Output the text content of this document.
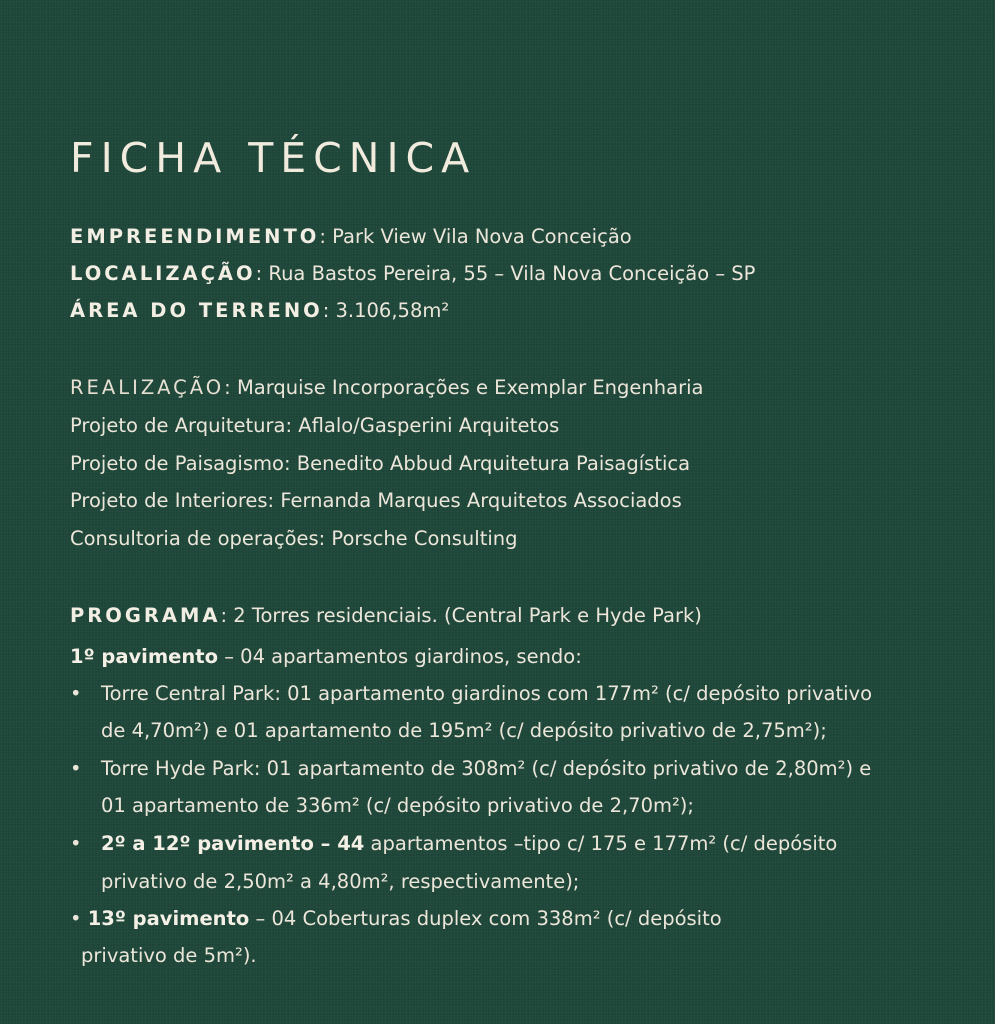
FICHA TÉCNICA
EMPREENDIMENTO: Park View Vila Nova Conceição
LOCALIZAÇÃO: Rua Bastos Pereira, 55 – Vila Nova Conceição – SP
ÁREA DO TERRENO: 3.106,58m²
REALIZAÇÃO: Marquise Incorporações e Exemplar Engenharia
Projeto de Arquitetura: Aflalo/Gasperini Arquitetos
Projeto de Paisagismo: Benedito Abbud Arquitetura Paisagística
Projeto de Interiores: Fernanda Marques Arquitetos Associados
Consultoria de operações: Porsche Consulting
PROGRAMA: 2 Torres residenciais. (Central Park e Hyde Park)
1º pavimento – 04 apartamentos giardinos, sendo:
• Torre Central Park: 01 apartamento giardinos com 177m² (c/ depósito privativo
de 4,70m²) e 01 apartamento de 195m² (c/ depósito privativo de 2,75m²);
• Torre Hyde Park: 01 apartamento de 308m² (c/ depósito privativo de 2,80m²) e
01 apartamento de 336m² (c/ depósito privativo de 2,70m²);
• 2º a 12º pavimento – 44 apartamentos –tipo c/ 175 e 177m² (c/ depósito
privativo de 2,50m² a 4,80m², respectivamente);
• 13º pavimento – 04 Coberturas duplex com 338m² (c/ depósito
privativo de 5m²).
